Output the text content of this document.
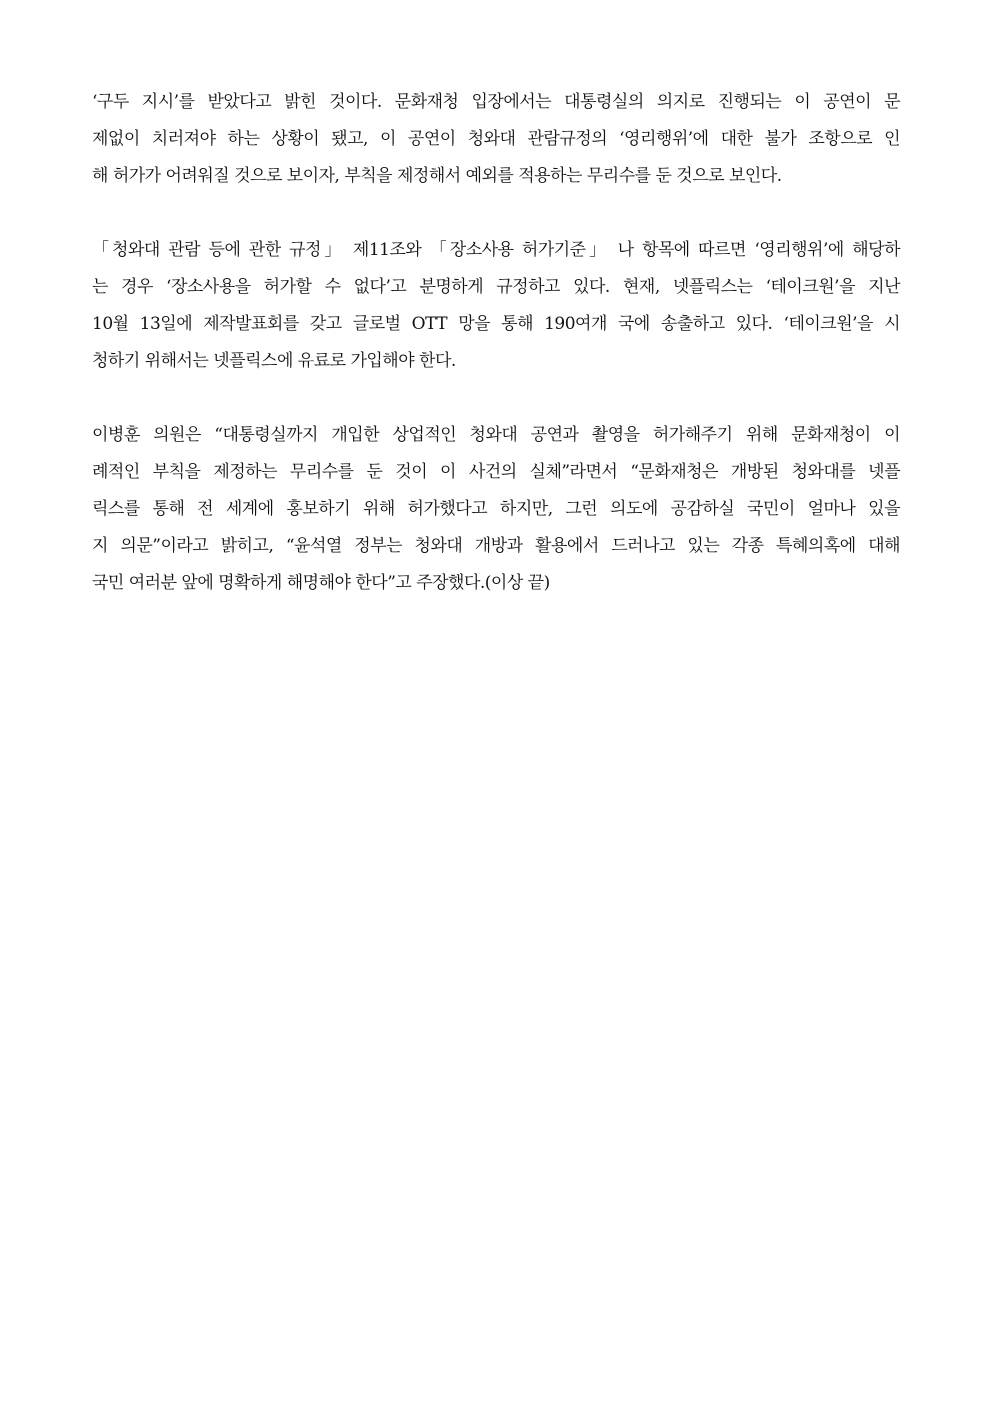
‘구두 지시’를 받았다고 밝힌 것이다. 문화재청 입장에서는 대통령실의 의지로 진행되는 이 공연이 문
제없이 치러져야 하는 상황이 됐고, 이 공연이 청와대 관람규정의 ‘영리행위’에 대한 불가 조항으로 인
해 허가가 어려워질 것으로 보이자, 부칙을 제정해서 예외를 적용하는 무리수를 둔 것으로 보인다.
「청와대 관람 등에 관한 규정」 제11조와 「장소사용 허가기준」 나 항목에 따르면 ‘영리행위’에 해당하
는 경우 ‘장소사용을 허가할 수 없다’고 분명하게 규정하고 있다. 현재, 넷플릭스는 ‘테이크원’을 지난
10월 13일에 제작발표회를 갖고 글로벌 OTT 망을 통해 190여개 국에 송출하고 있다. ‘테이크원’을 시
청하기 위해서는 넷플릭스에 유료로 가입해야 한다.
이병훈 의원은 “대통령실까지 개입한 상업적인 청와대 공연과 촬영을 허가해주기 위해 문화재청이 이
례적인 부칙을 제정하는 무리수를 둔 것이 이 사건의 실체”라면서 “문화재청은 개방된 청와대를 넷플
릭스를 통해 전 세계에 홍보하기 위해 허가했다고 하지만, 그런 의도에 공감하실 국민이 얼마나 있을
지 의문”이라고 밝히고, “윤석열 정부는 청와대 개방과 활용에서 드러나고 있는 각종 특혜의혹에 대해
국민 여러분 앞에 명확하게 해명해야 한다”고 주장했다.(이상 끝)
